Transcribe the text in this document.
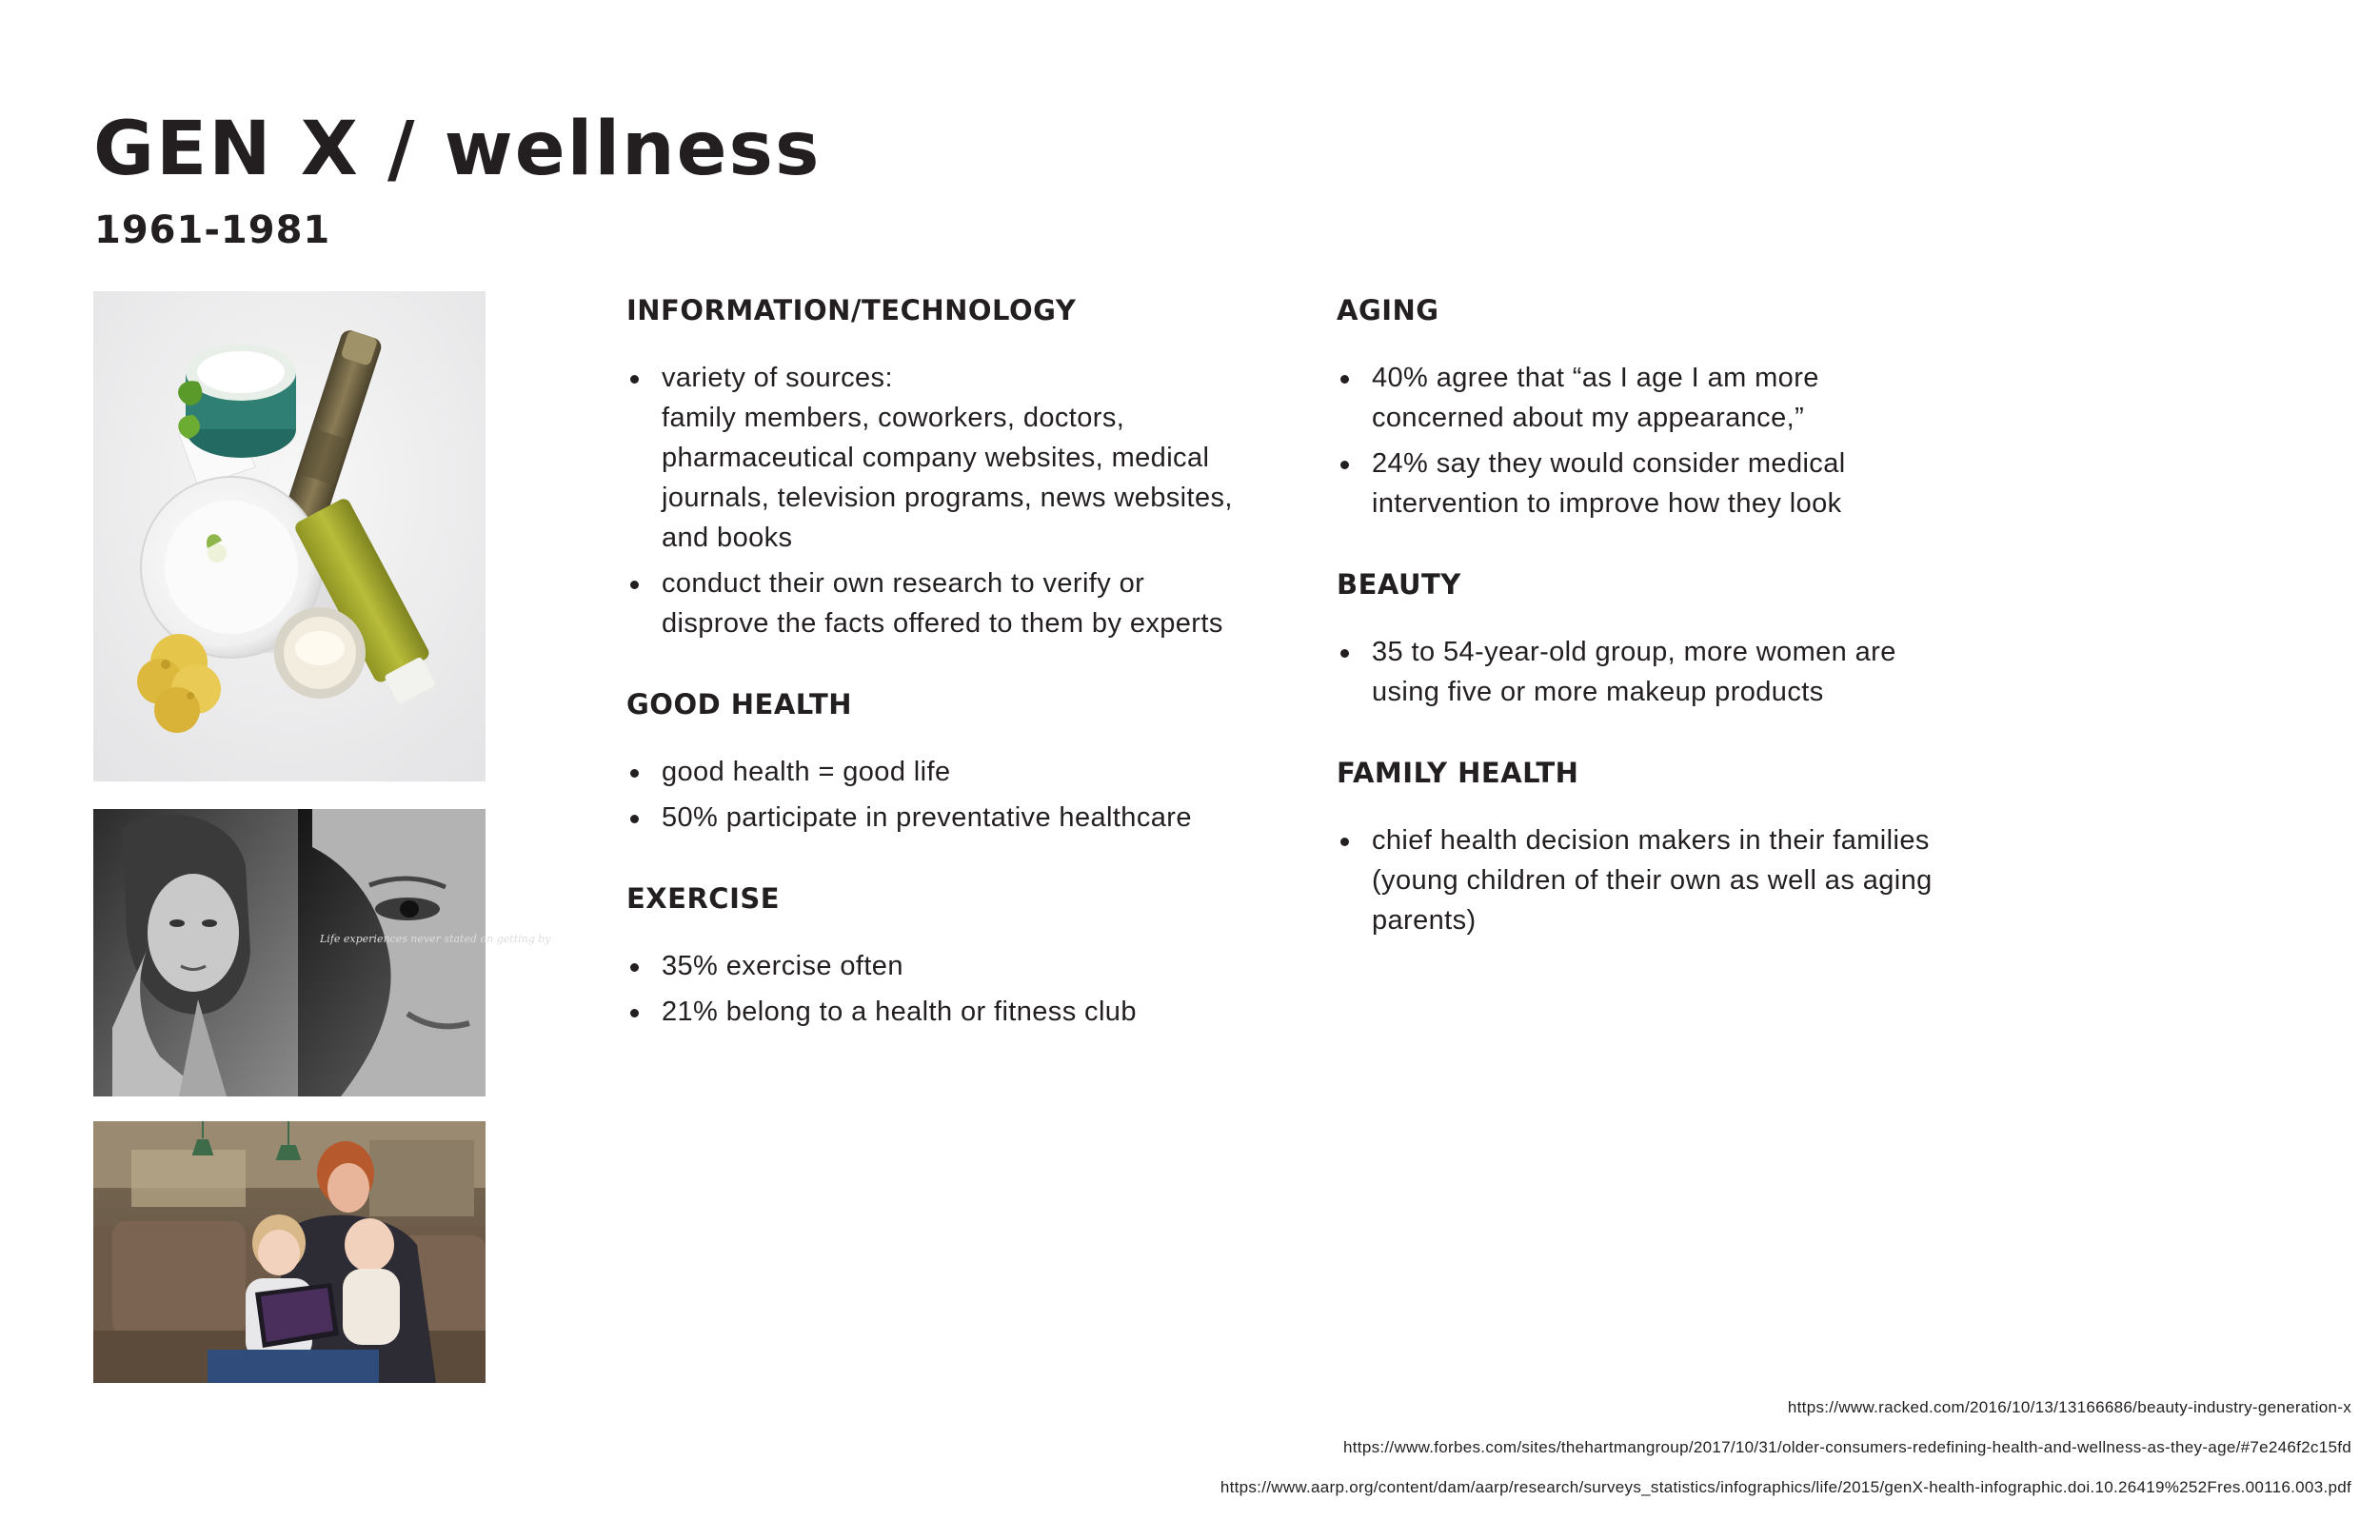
GEN X / wellness
1961-1981
Life experiences never stated on getting by
INFORMATION/TECHNOLOGY
variety of sources:
family members, coworkers, doctors, pharmaceutical company websites, medical journals, television programs, news websites, and books
conduct their own research to verify or disprove the facts offered to them by experts
GOOD HEALTH
good health = good life
50% participate in preventative healthcare
EXERCISE
35% exercise often
21% belong to a health or fitness club
AGING
40% agree that “as I age I am more concerned about my appearance,”
24% say they would consider medical intervention to improve how they look
BEAUTY
35 to 54-year-old group, more women are using five or more makeup products
FAMILY HEALTH
chief health decision makers in their families (young children of their own as well as aging parents)
https://www.racked.com/2016/10/13/13166686/beauty-industry-generation-x
https://www.forbes.com/sites/thehartmangroup/2017/10/31/older-consumers-redefining-health-and-wellness-as-they-age/#7e246f2c15fd
https://www.aarp.org/content/dam/aarp/research/surveys_statistics/infographics/life/2015/genX-health-infographic.doi.10.26419%252Fres.00116.003.pdf
